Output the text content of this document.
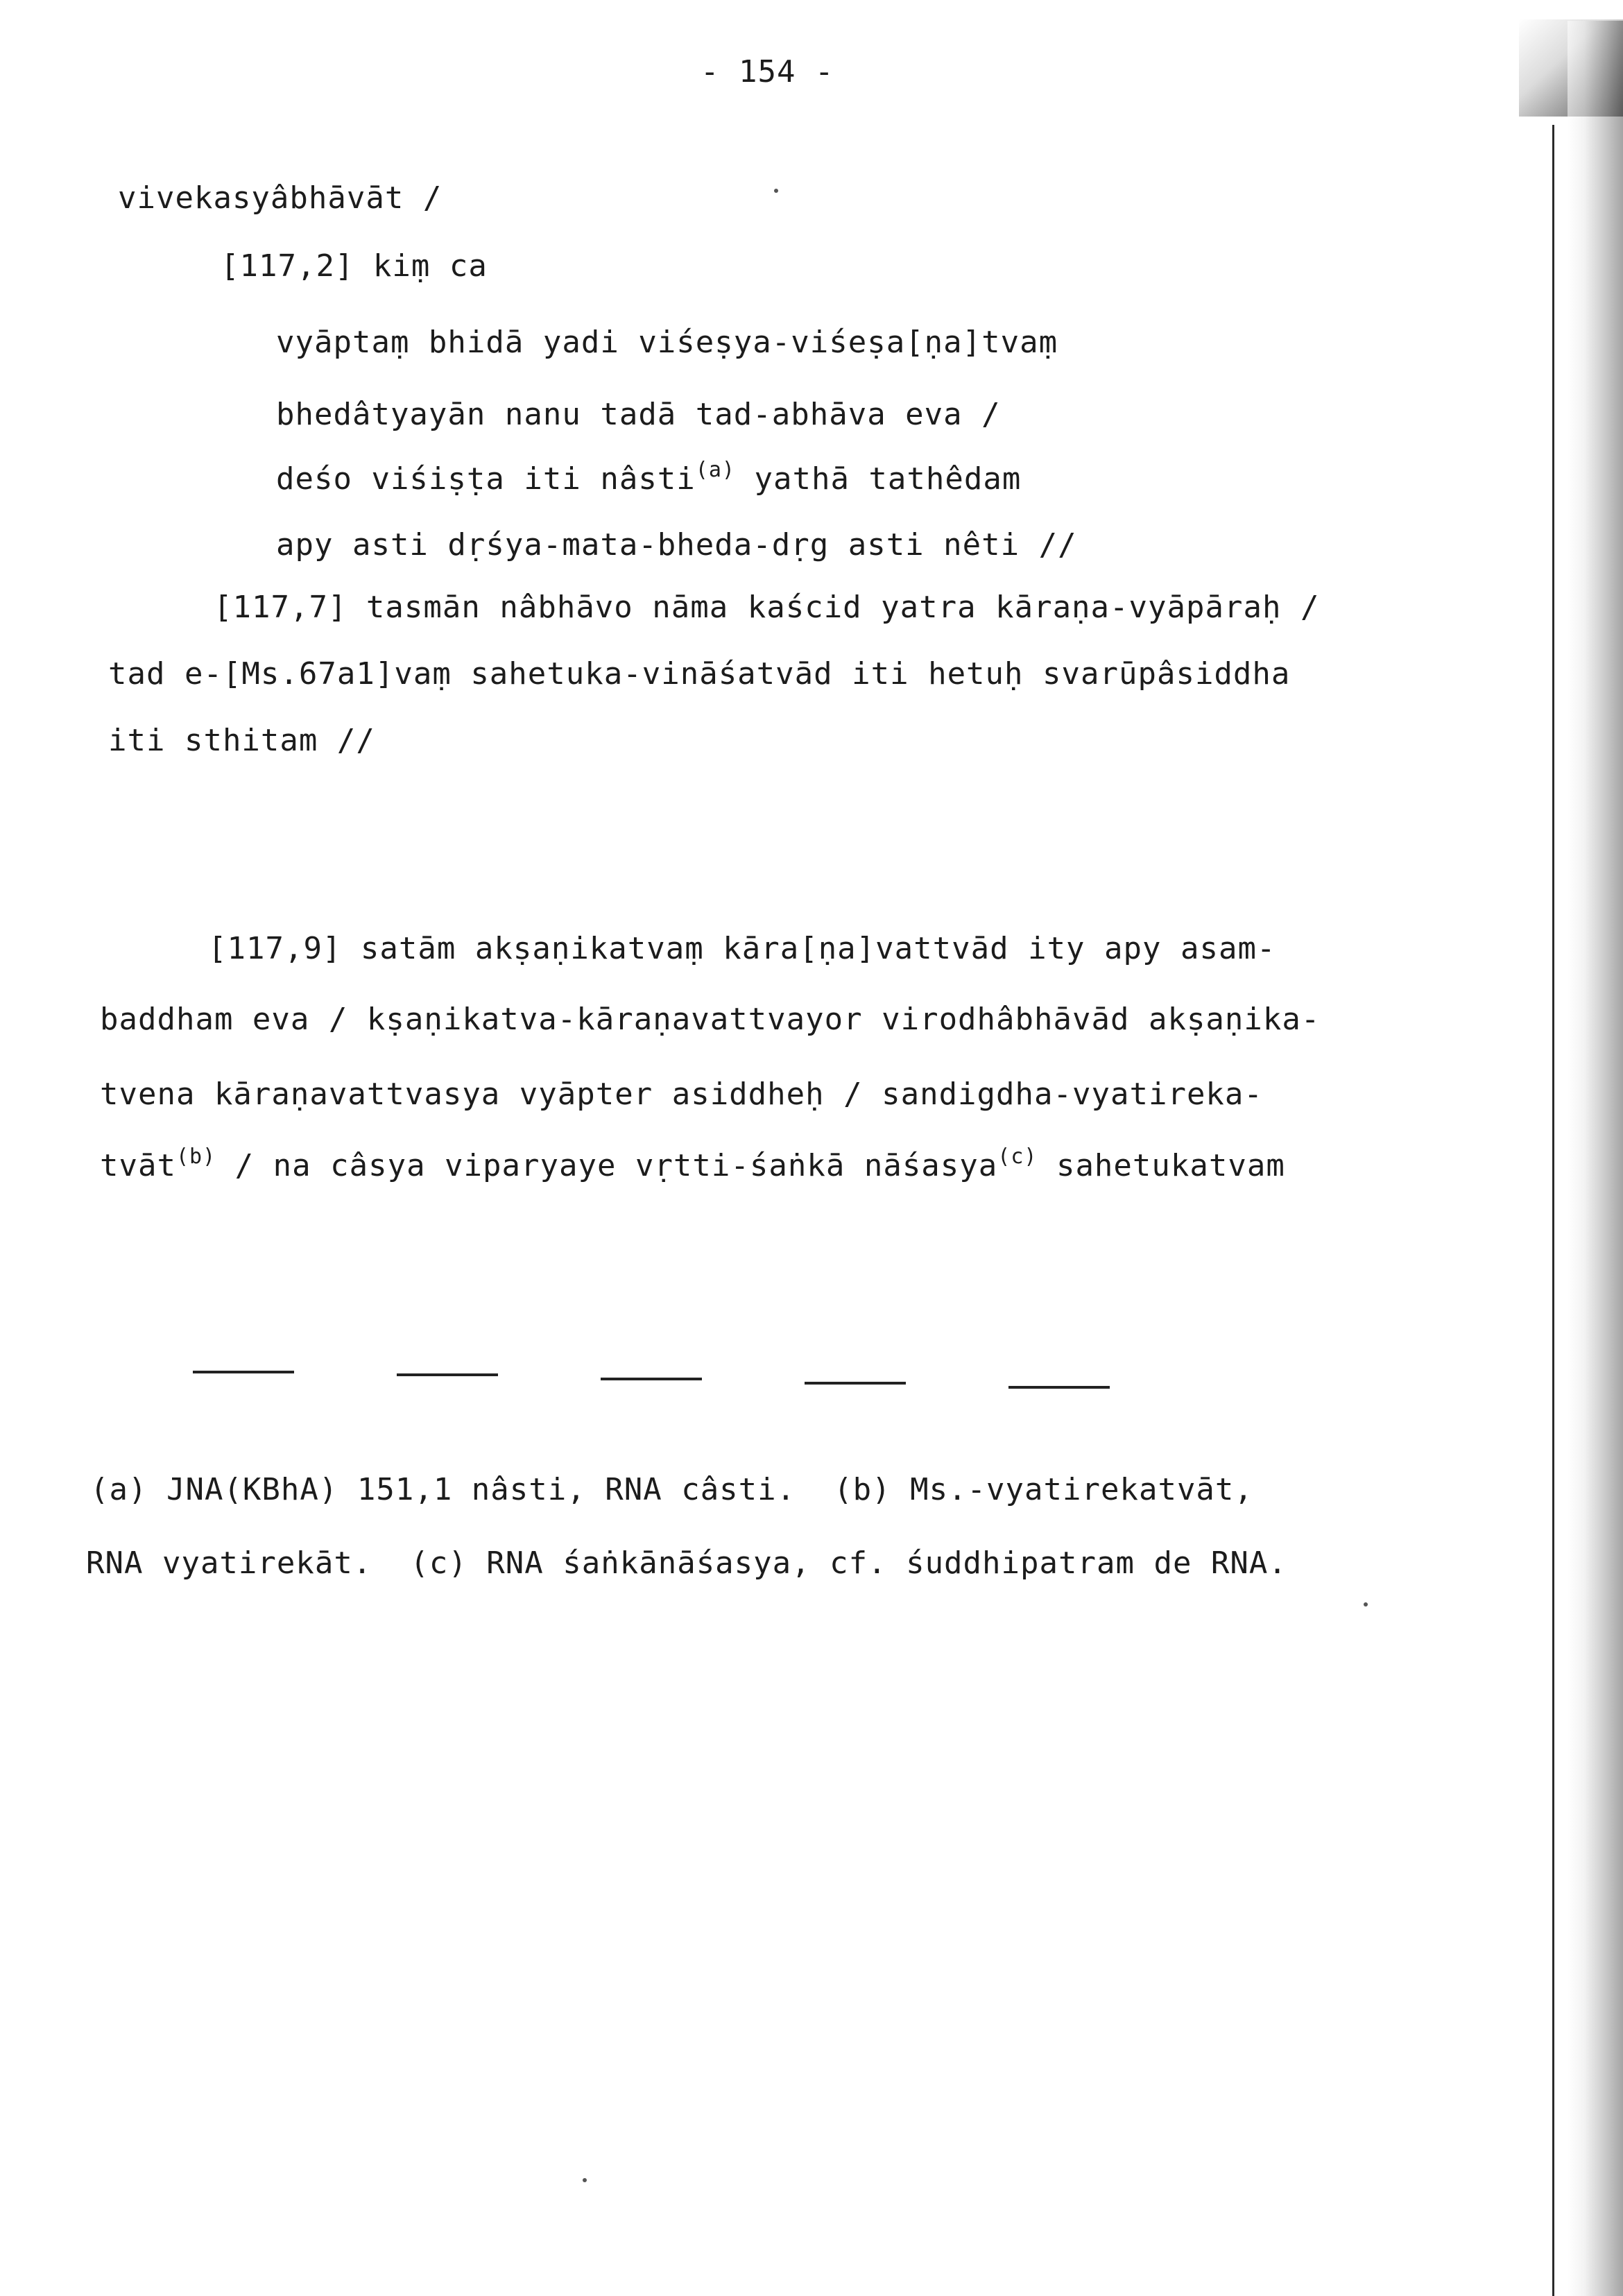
- 154 -
vivekasyâbhāvāt /
[117,2] kiṃ ca
vyāptaṃ bhidā yadi viśeṣya-viśeṣa[ṇa]tvaṃ
bhedâtyayān nanu tadā tad-abhāva eva /
deśo viśiṣṭa iti nâsti$^{(a)}$ yathā tathêdam
apy asti dṛśya-mata-bheda-dṛg asti nêti //
[117,7] tasmān nâbhāvo nāma kaścid yatra kāraṇa-vyāpāraḥ /
tad e-[Ms.67a1]vaṃ sahetuka-vināśatvād iti hetuḥ svarūpâsiddha
iti sthitam //
[117,9] satām akṣaṇikatvaṃ kāra[ṇa]vattvād ity apy asam-
baddham eva / kṣaṇikatva-kāraṇavattvayor virodhâbhāvād akṣaṇika-
tvena kāraṇavattvasya vyāpter asiddheḥ / sandigdha-vyatireka-
tvāt$^{(b)}$ / na câsya viparyaye vṛtti-śaṅkā nāśasya$^{(c)}$ sahetukatvam
(a) JNA(KBhA) 151,1 nâsti, RNA câsti.  (b) Ms.-vyatirekatvāt,
RNA vyatirekāt.  (c) RNA śaṅkānāśasya, cf. śuddhipatram de RNA.
